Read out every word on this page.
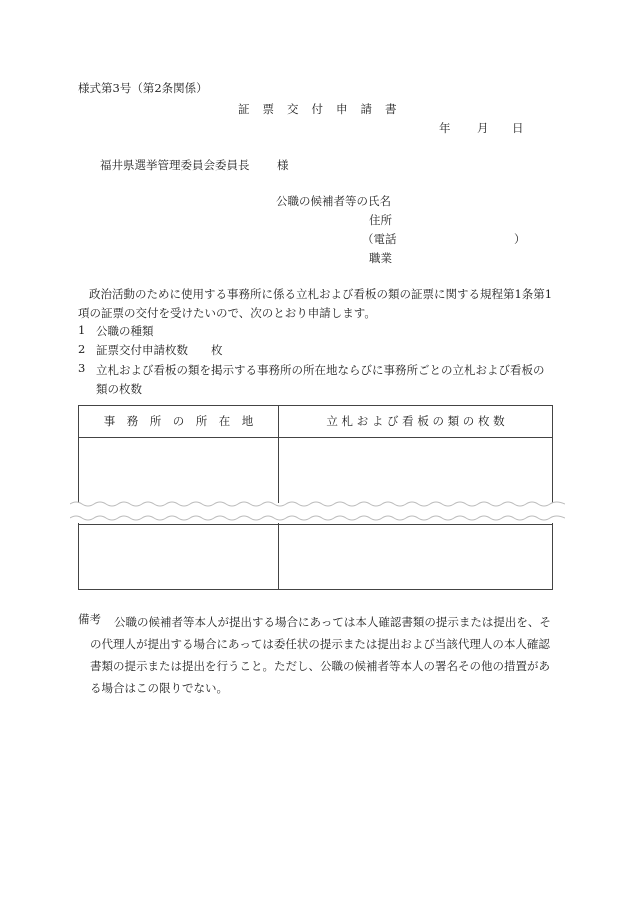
様式第3号（第2条関係）
証 票 交 付 申 請 書
年 月 日
福井県選挙管理委員会委員長 様
公職の候補者等の氏名
住所
（電話	）
職業
政治活動のために使用する事務所に係る立札および看板の類の証票に関する規程第1条第1項の証票の交付を受けたいので、次のとおり申請します。
1 公職の種類
2 証票交付申請枚数　　枚
3 立札および看板の類を掲示する事務所の所在地ならびに事務所ごとの立札および看板の類の枚数
事　務　所　の　所　在　地	立 札 お よ び 看 板 の 類 の 枚 数
備考	公職の候補者等本人が提出する場合にあっては本人確認書類の提示または提出を、その代理人が提出する場合にあっては委任状の提示または提出および当該代理人の本人確認書類の提示または提出を行うこと。ただし、公職の候補者等本人の署名その他の措置がある場合はこの限りでない。
